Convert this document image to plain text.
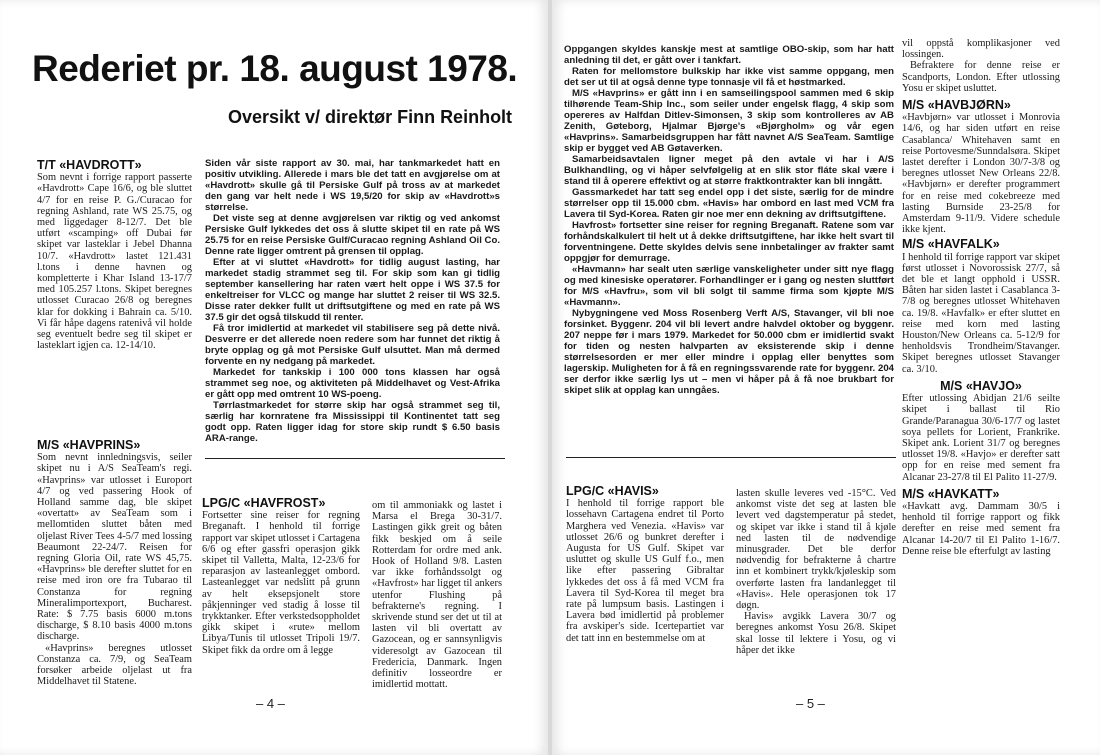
Rederiet pr. 18. august 1978.
Oversikt v/ direktør Finn Reinholt
T/T «HAVDROTT»

Som nevnt i forrige rapport passerte «Havdrott» Cape 16/6, og ble sluttet 4/7 for en reise P. G./Curacao for regning Ashland, rate WS 25.75, og med liggedager 8-12/7. Det ble utført «scamping» off Dubai før skipet var lasteklar i Jebel Dhanna 10/7. «Havdrott» lastet 121.431 l.tons i denne havnen og kompletterte i Khar Island 13-17/7 med 105.257 l.tons. Skipet beregnes utlosset Curacao 26/8 og beregnes klar for dokking i Bahrain ca. 5/10. Vi får håpe dagens ratenivå vil holde seg eventuelt bedre seg til skipet er lasteklart igjen ca. 12-14/10.

M/S «HAVPRINS»

Som nevnt innledningsvis, seiler skipet nu i A/S SeaTeam's regi. «Havprins» var utlosset i Europort 4/7 og ved passering Hook of Holland samme dag, ble skipet «overtatt» av SeaTeam som i mellomtiden sluttet båten med oljelast River Tees 4-5/7 med lossing Beaumont 22-24/7. Reisen for regning Gloria Oil, rate WS 45,75. «Havprins» ble derefter sluttet for en reise med iron ore fra Tubarao til Constanza for regning Mineralimportexport, Bucharest. Rate: $ 7.75 basis 6000 m.tons discharge, $ 8.10 basis 4000 m.tons discharge.

«Havprins» beregnes utlosset Constanza ca. 7/9, og SeaTeam forsøker arbeide oljelast ut fra Middelhavet til Statene.

Siden vår siste rapport av 30. mai, har tankmarkedet hatt en positiv utvikling. Allerede i mars ble det tatt en avgjørelse om at «Havdrott» skulle gå til Persiske Gulf på tross av at markedet den gang var helt nede i WS 19,5/20 for skip av «Havdrott»s størrelse.

Det viste seg at denne avgjørelsen var riktig og ved ankomst Persiske Gulf lykkedes det oss å slutte skipet til en rate på WS 25.75 for en reise Persiske Gulf/Curacao regning Ashland Oil Co. Denne rate ligger omtrent på grensen til opplag.

Efter at vi sluttet «Havdrott» for tidlig august lasting, har markedet stadig strammet seg til. For skip som kan gi tidlig september kansellering har raten vært helt oppe i WS 37.5 for enkeltreiser for VLCC og mange har sluttet 2 reiser til WS 32.5. Disse rater dekker fullt ut driftsutgiftene og med en rate på WS 37.5 gir det også tilskudd til renter.

Få tror imidlertid at markedet vil stabilisere seg på dette nivå. Desverre er det allerede noen redere som har funnet det riktig å bryte opplag og gå mot Persiske Gulf ulsuttet. Man må dermed forvente en ny nedgang på markedet.

Markedet for tankskip i 100 000 tons klassen har også strammet seg noe, og aktiviteten på Middelhavet og Vest-Afrika er gått opp med omtrent 10 WS-poeng.

Tørrlastmarkedet for større skip har også strammet seg til, særlig har kornratene fra Mississippi til Kontinentet tatt seg godt opp. Raten ligger idag for store skip rundt $ 6.50 basis ARA-range.

LPG/C «HAVFROST»

Fortsetter sine reiser for regning Breganaft. I henhold til forrige rapport var skipet utlosset i Cartagena 6/6 og efter gassfri operasjon gikk skipet til Valletta, Malta, 12-23/6 for reparasjon av lasteanlegget ombord. Lasteanlegget var nedslitt på grunn av helt eksepsjonelt store påkjenninger ved stadig å losse til trykktanker. Efter verkstedsoppholdet gikk skipet i «rute» mellom Libya/Tunis til utlosset Tripoli 19/7. Skipet fikk da ordre om å legge

om til ammoniakk og lastet i Marsa el Brega 30-31/7. Lastingen gikk greit og båten fikk beskjed om å seile Rotterdam for ordre med ank. Hook of Holland 9/8. Lasten var ikke forhåndssolgt og «Havfrost» har ligget til ankers utenfor Flushing på befrakterne's regning. I skrivende stund ser det ut til at lasten vil bli overtatt av Gazocean, og er sannsynligvis videresolgt av Gazocean til Fredericia, Danmark. Ingen definitiv losseordre er imidlertid mottatt.

– 4 –

Oppgangen skyldes kanskje mest at samtlige OBO-skip, som har hatt anledning til det, er gått over i tankfart.

Raten for mellomstore bulkskip har ikke vist samme oppgang, men det ser ut til at også denne type tonnasje vil få et høstmarked.

M/S «Havprins» er gått inn i en samseilingspool sammen med 6 skip tilhørende Team-Ship Inc., som seiler under engelsk flagg, 4 skip som opereres av Halfdan Ditlev-Simonsen, 3 skip som kontrolleres av AB Zenith, Gøteborg, Hjalmar Bjørge's «Bjørgholm» og vår egen «Havprins». Samarbeidsgruppen har fått navnet A/S SeaTeam. Samtlige skip er bygget ved AB Gøtaverken.

Samarbeidsavtalen ligner meget på den avtale vi har i A/S Bulkhandling, og vi håper selvfølgelig at en slik stor fláte skal være i stand til å operere effektivt og at større fraktkontrakter kan bli inngått.

Gassmarkedet har tatt seg endel opp i det siste, særlig for de mindre størrelser opp til 15.000 cbm. «Havis» har ombord en last med VCM fra Lavera til Syd-Korea. Raten gir noe mer enn dekning av driftsutgiftene.

Havfrost» fortsetter sine reiser for regning Breganaft. Ratene som var forhåndskalkulert til helt ut å dekke driftsutgiftene, har ikke helt svart til forventningene. Dette skyldes delvis sene innbetalinger av frakter samt oppgjør for demurrage.

«Havmann» har sealt uten særlige vanskeligheter under sitt nye flagg og med kinesiske operatører. Forhandlinger er i gang og nesten sluttført for M/S «Havfru», som vil bli solgt til samme firma som kjøpte M/S «Havmann».

Nybygningene ved Moss Rosenberg Verft A/S, Stavanger, vil bli noe forsinket. Byggenr. 204 vil bli levert andre halvdel oktober og byggenr. 207 neppe før i mars 1979. Markedet for 50.000 cbm er imidlertid svakt for tiden og nesten halvparten av eksisterende skip i denne størrelsesorden er mer eller mindre i opplag eller benyttes som lagerskip. Muligheten for å få en regningssvarende rate for byggenr. 204 ser derfor ikke særlig lys ut – men vi håper på å få noe brukbart for skipet slik at opplag kan unngåes.

LPG/C «HAVIS»

I henhold til forrige rapport ble lossehavn Cartagena endret til Porto Marghera ved Venezia. «Havis» var utlosset 26/6 og bunkret derefter i Augusta for US Gulf. Skipet var usluttet og skulle US Gulf f.o., men like efter passering Gibraltar lykkedes det oss å få med VCM fra Lavera til Syd-Korea til meget bra rate på lumpsum basis. Lastingen i Lavera bød imidlertid på problemer fra avskiper's side. Icertepartiet var det tatt inn en bestemmelse om at

lasten skulle leveres ved -15°C. Ved ankomst viste det seg at lasten ble levert ved dagstemperatur på stedet, og skipet var ikke i stand til å kjøle ned lasten til de nødvendige minusgrader. Det ble derfor nødvendig for befrakterne å chartre inn et kombinert trykk/kjøleskip som overførte lasten fra landanlegget til «Havis». Hele operasjonen tok 17 døgn.

Havis» avgikk Lavera 30/7 og beregnes ankomst Yosu 26/8. Skipet skal losse til lektere i Yosu, og vi håper det ikke

vil oppstå komplikasjoner ved lossingen.

Befraktere for denne reise er Scandports, London. Efter utlossing Yosu er skipet usluttet.

M/S «HAVBJØRN»

«Havbjørn» var utlosset i Monrovia 14/6, og har siden utført en reise Casablanca/ Whitehaven samt en reise Portovesme/Sunndalsøra. Skipet lastet derefter i London 30/7-3/8 og beregnes utlosset New Orleans 22/8. «Havbjørn» er derefter programmert for en reise med cokebreeze med lasting Burnside 23-25/8 for Amsterdam 9-11/9. Videre schedule ikke kjent.

M/S «HAVFALK»

I henhold til forrige rapport var skipet først utlosset i Novorossisk 27/7, så det ble et langt opphold i USSR. Båten har siden lastet i Casablanca 3-7/8 og beregnes utlosset Whitehaven ca. 19/8. «Havfalk» er efter sluttet en reise med korn med lasting Houston/New Orleans ca. 5-12/9 for henholdsvis Trondheim/Stavanger. Skipet beregnes utlosset Stavanger ca. 3/10.

M/S «HAVJO»

Efter utlossing Abidjan 21/6 seilte skipet i ballast til Rio Grande/Paranagua 30/6-17/7 og lastet soya pellets for Lorient, Frankrike. Skipet ank. Lorient 31/7 og beregnes utlosset 19/8. «Havjo» er derefter satt opp for en reise med sement fra Alcanar 23-27/8 til El Palito 11-27/9.

M/S «HAVKATT»

«Havkatt avg. Dammam 30/5 i henhold til forrige rapport og fikk derefter en reise med sement fra Alcanar 14-20/7 til El Palito 1-16/7. Denne reise ble efterfulgt av lasting

– 5 –
